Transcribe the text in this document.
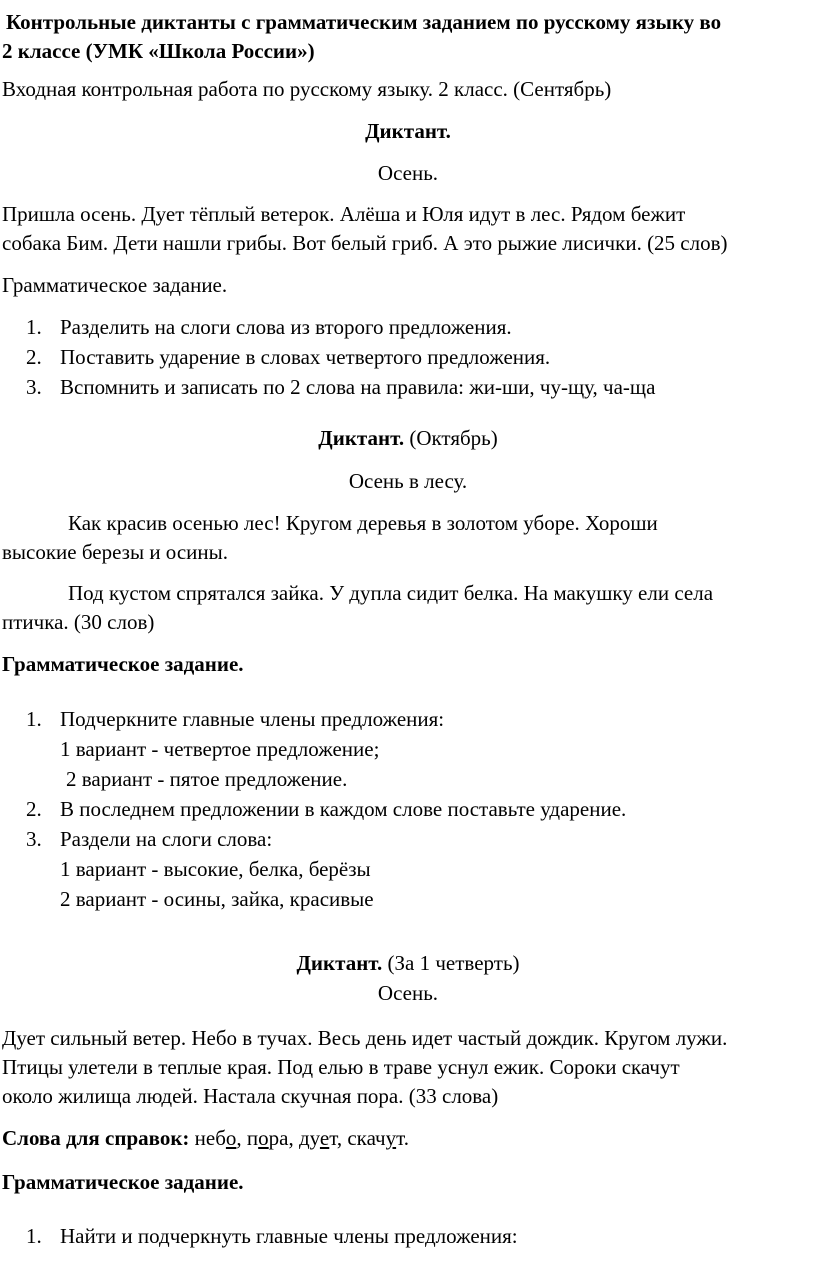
Контрольные диктанты с грамматическим заданием по русскому языку во
2 классе (УМК «Школа России»)
Входная контрольная работа по русскому языку. 2 класс. (Сентябрь)
Диктант.
Осень.
Пришла осень. Дует тёплый ветерок. Алёша и Юля идут в лес. Рядом бежит
собака Бим. Дети нашли грибы. Вот белый гриб. А это рыжие лисички. (25 слов)
Грамматическое задание.
1. Разделить на слоги слова из второго предложения.
2. Поставить ударение в словах четвертого предложения.
3. Вспомнить и записать по 2 слова на правила: жи-ши, чу-щу, ча-ща
Диктант. (Октябрь)
Осень в лесу.
Как красив осенью лес! Кругом деревья в золотом уборе. Хороши
высокие березы и осины.
Под кустом спрятался зайка. У дупла сидит белка. На макушку ели села
птичка. (30 слов)
Грамматическое задание.
1. Подчеркните главные члены предложения:
1 вариант - четвертое предложение;
2 вариант - пятое предложение.
2. В последнем предложении в каждом слове поставьте ударение.
3. Раздели на слоги слова:
1 вариант - высокие, белка, берёзы
2 вариант - осины, зайка, красивые
Диктант. (За 1 четверть)
Осень.
Дует сильный ветер. Небо в тучах. Весь день идет частый дождик. Кругом лужи.
Птицы улетели в теплые края. Под елью в траве уснул ежик. Сороки скачут
около жилища людей. Настала скучная пора. (33 слова)
Слова для справок: небо, пора, дует, скачут.
Грамматическое задание.
1. Найти и подчеркнуть главные члены предложения:
